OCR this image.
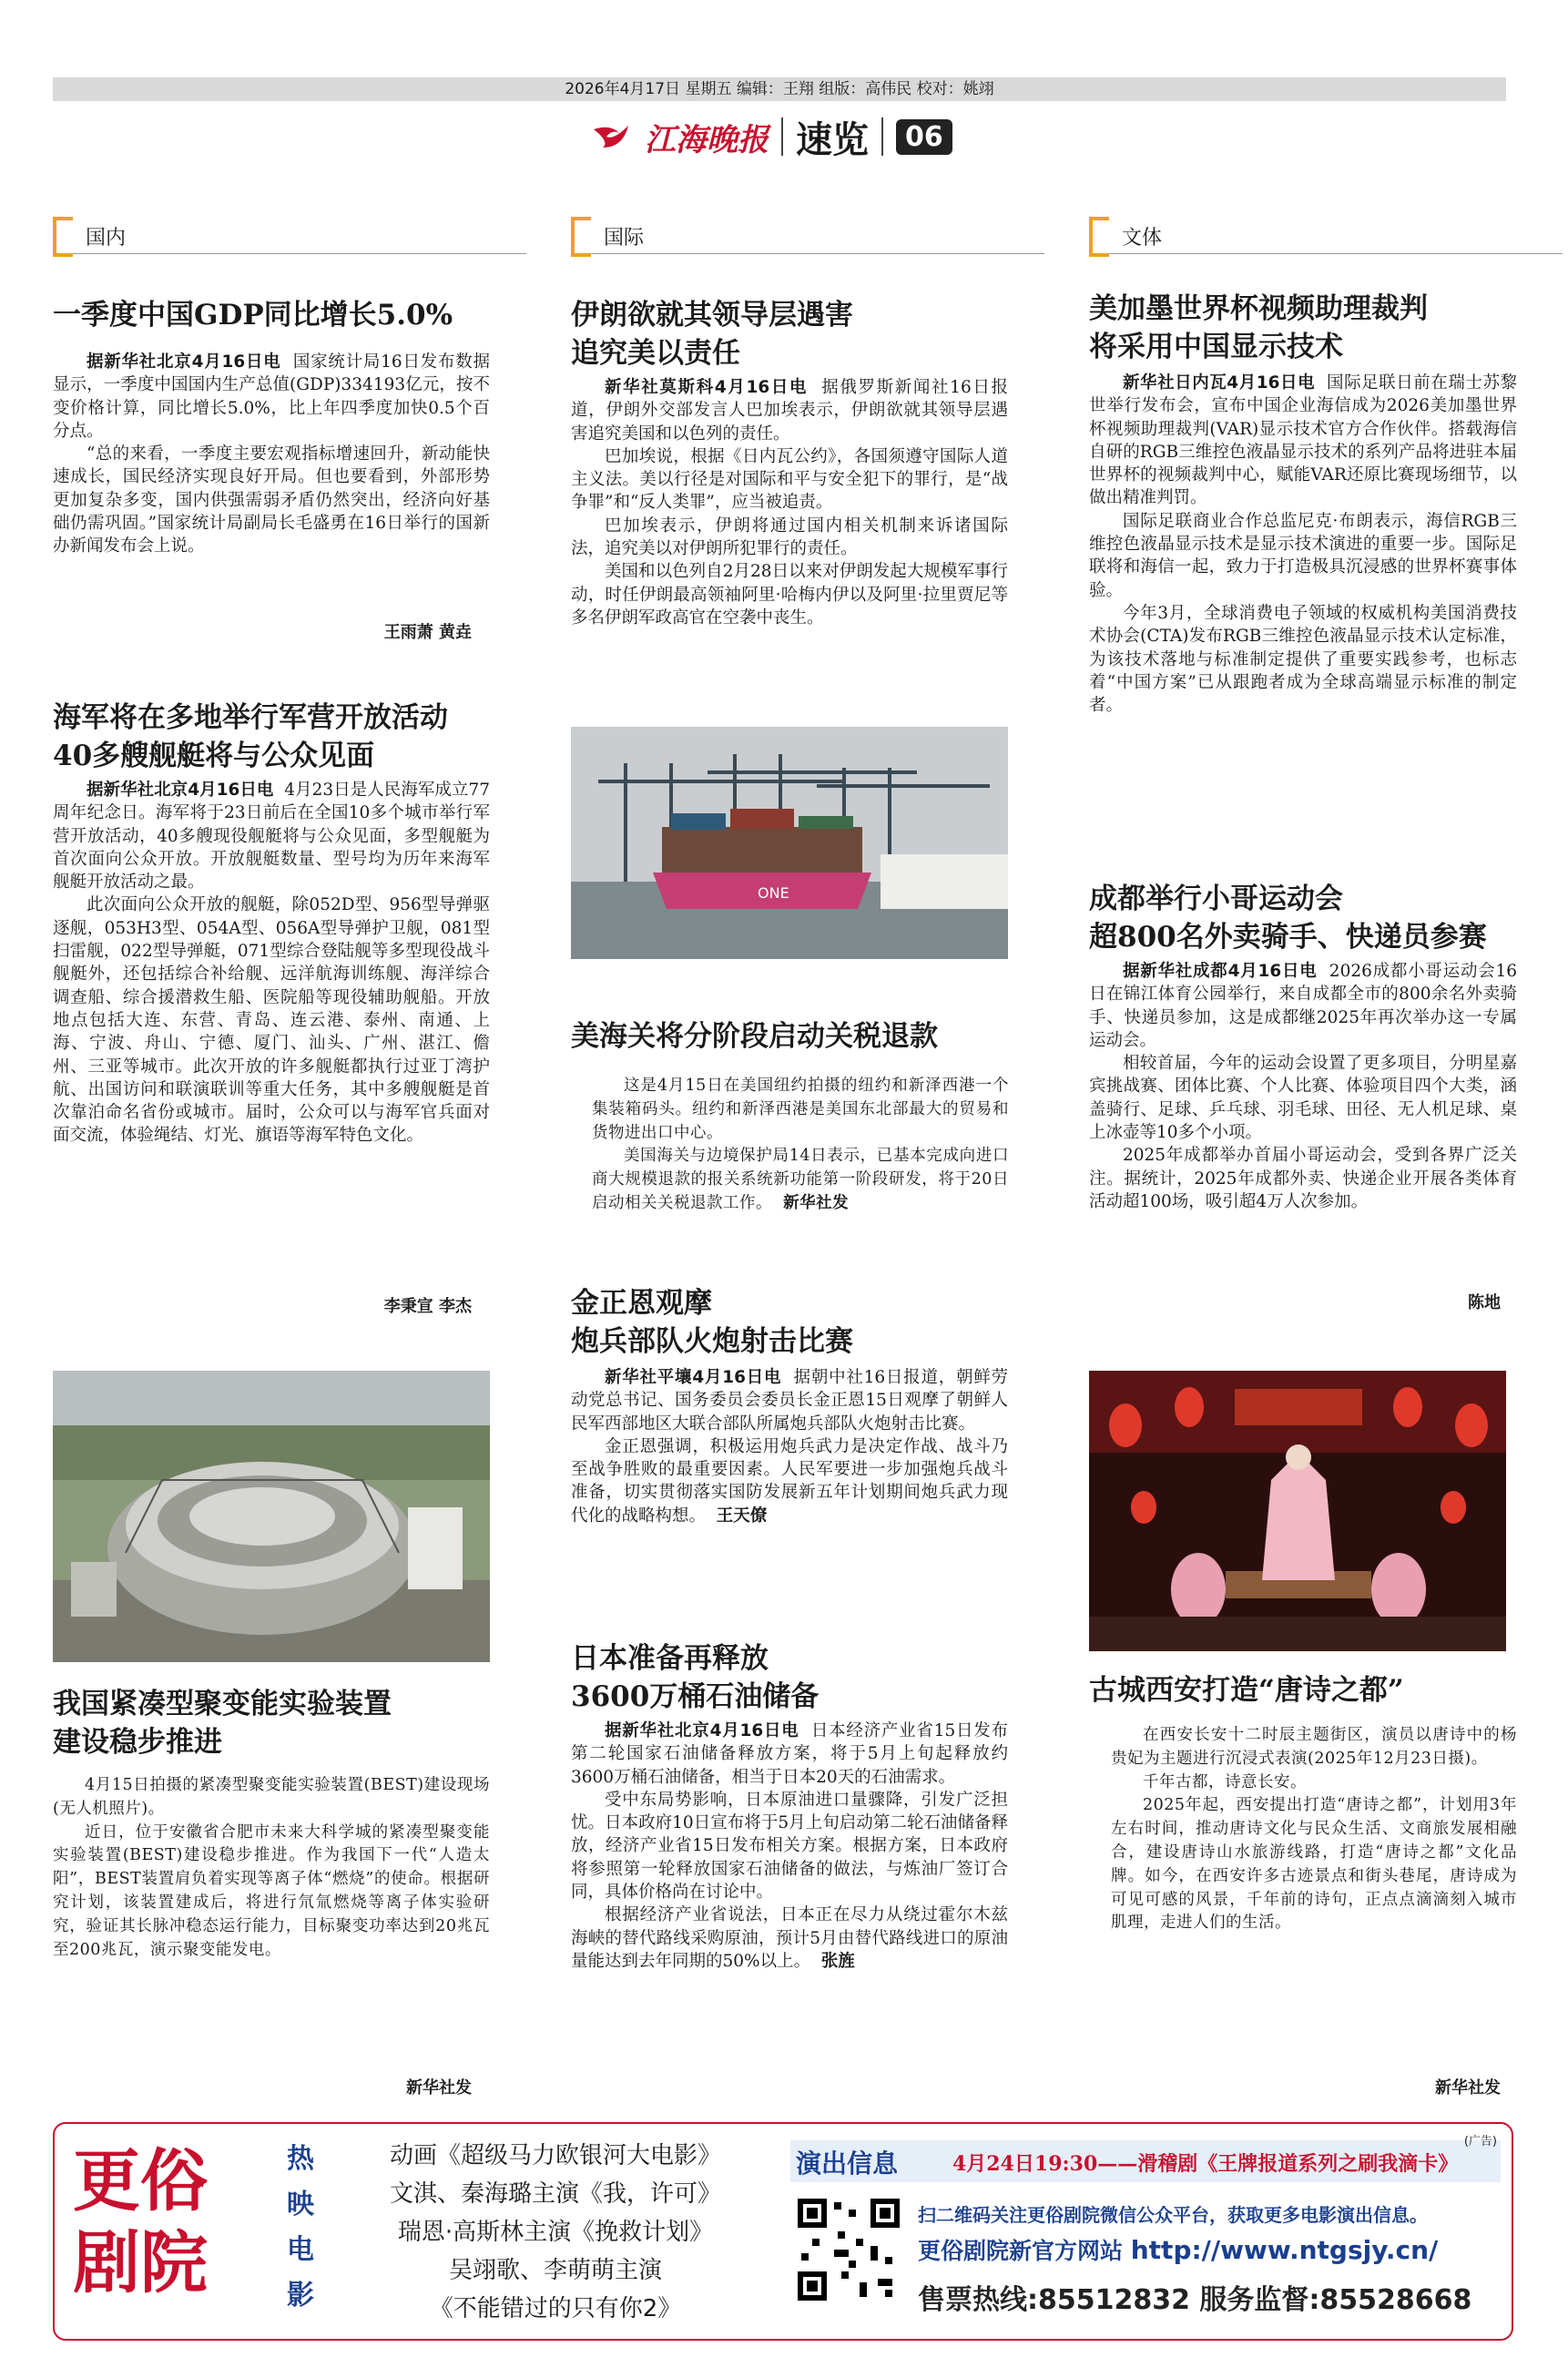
2026年4月17日 星期五 编辑：王翔 组版：高伟民 校对：姚翊
江海晚报 速览	06
国内	国际	文体
一季度中国GDP同比增长5.0%

据新华社北京4月16日电 国家统计局16日发布数据显示，一季度中国国内生产总值(GDP)334193亿元，按不变价格计算，同比增长5.0%，比上年四季度加快0.5个百分点。

“总的来看，一季度主要宏观指标增速回升，新动能快速成长，国民经济实现良好开局。但也要看到，外部形势更加复杂多变，国内供强需弱矛盾仍然突出，经济向好基础仍需巩固。”国家统计局副局长毛盛勇在16日举行的国新办新闻发布会上说。

王雨萧 黄垚
海军将在多地举行军营开放活动
40多艘舰艇将与公众见面

据新华社北京4月16日电 4月23日是人民海军成立77周年纪念日。海军将于23日前后在全国10多个城市举行军营开放活动，40多艘现役舰艇将与公众见面，多型舰艇为首次面向公众开放。开放舰艇数量、型号均为历年来海军舰艇开放活动之最。

此次面向公众开放的舰艇，除052D型、956型导弹驱逐舰，053H3型、054A型、056A型导弹护卫舰，081型扫雷舰，022型导弹艇，071型综合登陆舰等多型现役战斗舰艇外，还包括综合补给舰、远洋航海训练舰、海洋综合调查船、综合援潜救生船、医院船等现役辅助舰船。开放地点包括大连、东营、青岛、连云港、泰州、南通、上海、宁波、舟山、宁德、厦门、汕头、广州、湛江、儋州、三亚等城市。此次开放的许多舰艇都执行过亚丁湾护航、出国访问和联演联训等重大任务，其中多艘舰艇是首次靠泊命名省份或城市。届时，公众可以与海军官兵面对面交流，体验绳结、灯光、旗语等海军特色文化。

李秉宣 李杰
我国紧凑型聚变能实验装置
建设稳步推进

4月15日拍摄的紧凑型聚变能实验装置(BEST)建设现场(无人机照片)。

近日，位于安徽省合肥市未来大科学城的紧凑型聚变能实验装置(BEST)建设稳步推进。作为我国下一代“人造太阳”，BEST装置肩负着实现等离子体“燃烧”的使命。根据研究计划，该装置建成后，将进行氘氚燃烧等离子体实验研究，验证其长脉冲稳态运行能力，目标聚变功率达到20兆瓦至200兆瓦，演示聚变能发电。

新华社发
伊朗欲就其领导层遇害
追究美以责任

新华社莫斯科4月16日电 据俄罗斯新闻社16日报道，伊朗外交部发言人巴加埃表示，伊朗欲就其领导层遇害追究美国和以色列的责任。

巴加埃说，根据《日内瓦公约》，各国须遵守国际人道主义法。美以行径是对国际和平与安全犯下的罪行，是“战争罪”和“反人类罪”，应当被追责。

巴加埃表示，伊朗将通过国内相关机制来诉诸国际法，追究美以对伊朗所犯罪行的责任。

美国和以色列自2月28日以来对伊朗发起大规模军事行动，时任伊朗最高领袖阿里·哈梅内伊以及阿里·拉里贾尼等多名伊朗军政高官在空袭中丧生。

ONE
美海关将分阶段启动关税退款

这是4月15日在美国纽约拍摄的纽约和新泽西港一个集装箱码头。纽约和新泽西港是美国东北部最大的贸易和货物进出口中心。

美国海关与边境保护局14日表示，已基本完成向进口商大规模退款的报关系统新功能第一阶段研发，将于20日启动相关关税退款工作。 新华社发

金正恩观摩
炮兵部队火炮射击比赛

新华社平壤4月16日电 据朝中社16日报道，朝鲜劳动党总书记、国务委员会委员长金正恩15日观摩了朝鲜人民军西部地区大联合部队所属炮兵部队火炮射击比赛。

金正恩强调，积极运用炮兵武力是决定作战、战斗乃至战争胜败的最重要因素。人民军要进一步加强炮兵战斗准备，切实贯彻落实国防发展新五年计划期间炮兵武力现代化的战略构想。 王天僚

日本准备再释放
3600万桶石油储备

据新华社北京4月16日电 日本经济产业省15日发布第二轮国家石油储备释放方案，将于5月上旬起释放约3600万桶石油储备，相当于日本20天的石油需求。

受中东局势影响，日本原油进口量骤降，引发广泛担忧。日本政府10日宣布将于5月上旬启动第二轮石油储备释放，经济产业省15日发布相关方案。根据方案，日本政府将参照第一轮释放国家石油储备的做法，与炼油厂签订合同，具体价格尚在讨论中。

根据经济产业省说法，日本正在尽力从绕过霍尔木兹海峡的替代路线采购原油，预计5月由替代路线进口的原油量能达到去年同期的50%以上。 张旌

美加墨世界杯视频助理裁判
将采用中国显示技术

新华社日内瓦4月16日电 国际足联日前在瑞士苏黎世举行发布会，宣布中国企业海信成为2026美加墨世界杯视频助理裁判(VAR)显示技术官方合作伙伴。搭载海信自研的RGB三维控色液晶显示技术的系列产品将进驻本届世界杯的视频裁判中心，赋能VAR还原比赛现场细节，以做出精准判罚。

国际足联商业合作总监尼克·布朗表示，海信RGB三维控色液晶显示技术是显示技术演进的重要一步。国际足联将和海信一起，致力于打造极具沉浸感的世界杯赛事体验。

今年3月，全球消费电子领域的权威机构美国消费技术协会(CTA)发布RGB三维控色液晶显示技术认定标准，为该技术落地与标准制定提供了重要实践参考，也标志着“中国方案”已从跟跑者成为全球高端显示标准的制定者。

成都举行小哥运动会
超800名外卖骑手、快递员参赛

据新华社成都4月16日电 2026成都小哥运动会16日在锦江体育公园举行，来自成都全市的800余名外卖骑手、快递员参加，这是成都继2025年再次举办这一专属运动会。

相较首届，今年的运动会设置了更多项目，分明星嘉宾挑战赛、团体比赛、个人比赛、体验项目四个大类，涵盖骑行、足球、乒乓球、羽毛球、田径、无人机足球、桌上冰壶等10多个小项。

2025年成都举办首届小哥运动会，受到各界广泛关注。据统计，2025年成都外卖、快递企业开展各类体育活动超100场，吸引超4万人次参加。

陈地
古城西安打造“唐诗之都”

在西安长安十二时辰主题街区，演员以唐诗中的杨贵妃为主题进行沉浸式表演(2025年12月23日摄)。

千年古都，诗意长安。

2025年起，西安提出打造“唐诗之都”，计划用3年左右时间，推动唐诗文化与民众生活、文商旅发展相融合，建设唐诗山水旅游线路，打造“唐诗之都”文化品牌。如今，在西安许多古迹景点和街头巷尾，唐诗成为可见可感的风景，千年前的诗句，正点点滴滴刻入城市肌理，走进人们的生活。

新华社发
更俗
剧院
热
映
电
影
动画《超级马力欧银河大电影》
文淇、秦海璐主演《我，许可》
瑞恩·高斯林主演《挽救计划》
吴翊歌、李萌萌主演
《不能错过的只有你2》
演出信息	4月24日19:30——滑稽剧《王牌报道系列之刷我滴卡》
(广告)
扫二维码关注更俗剧院微信公众平台，获取更多电影演出信息。
更俗剧院新官方网站 http://www.ntgsjy.cn/
售票热线:85512832 服务监督:85528668
